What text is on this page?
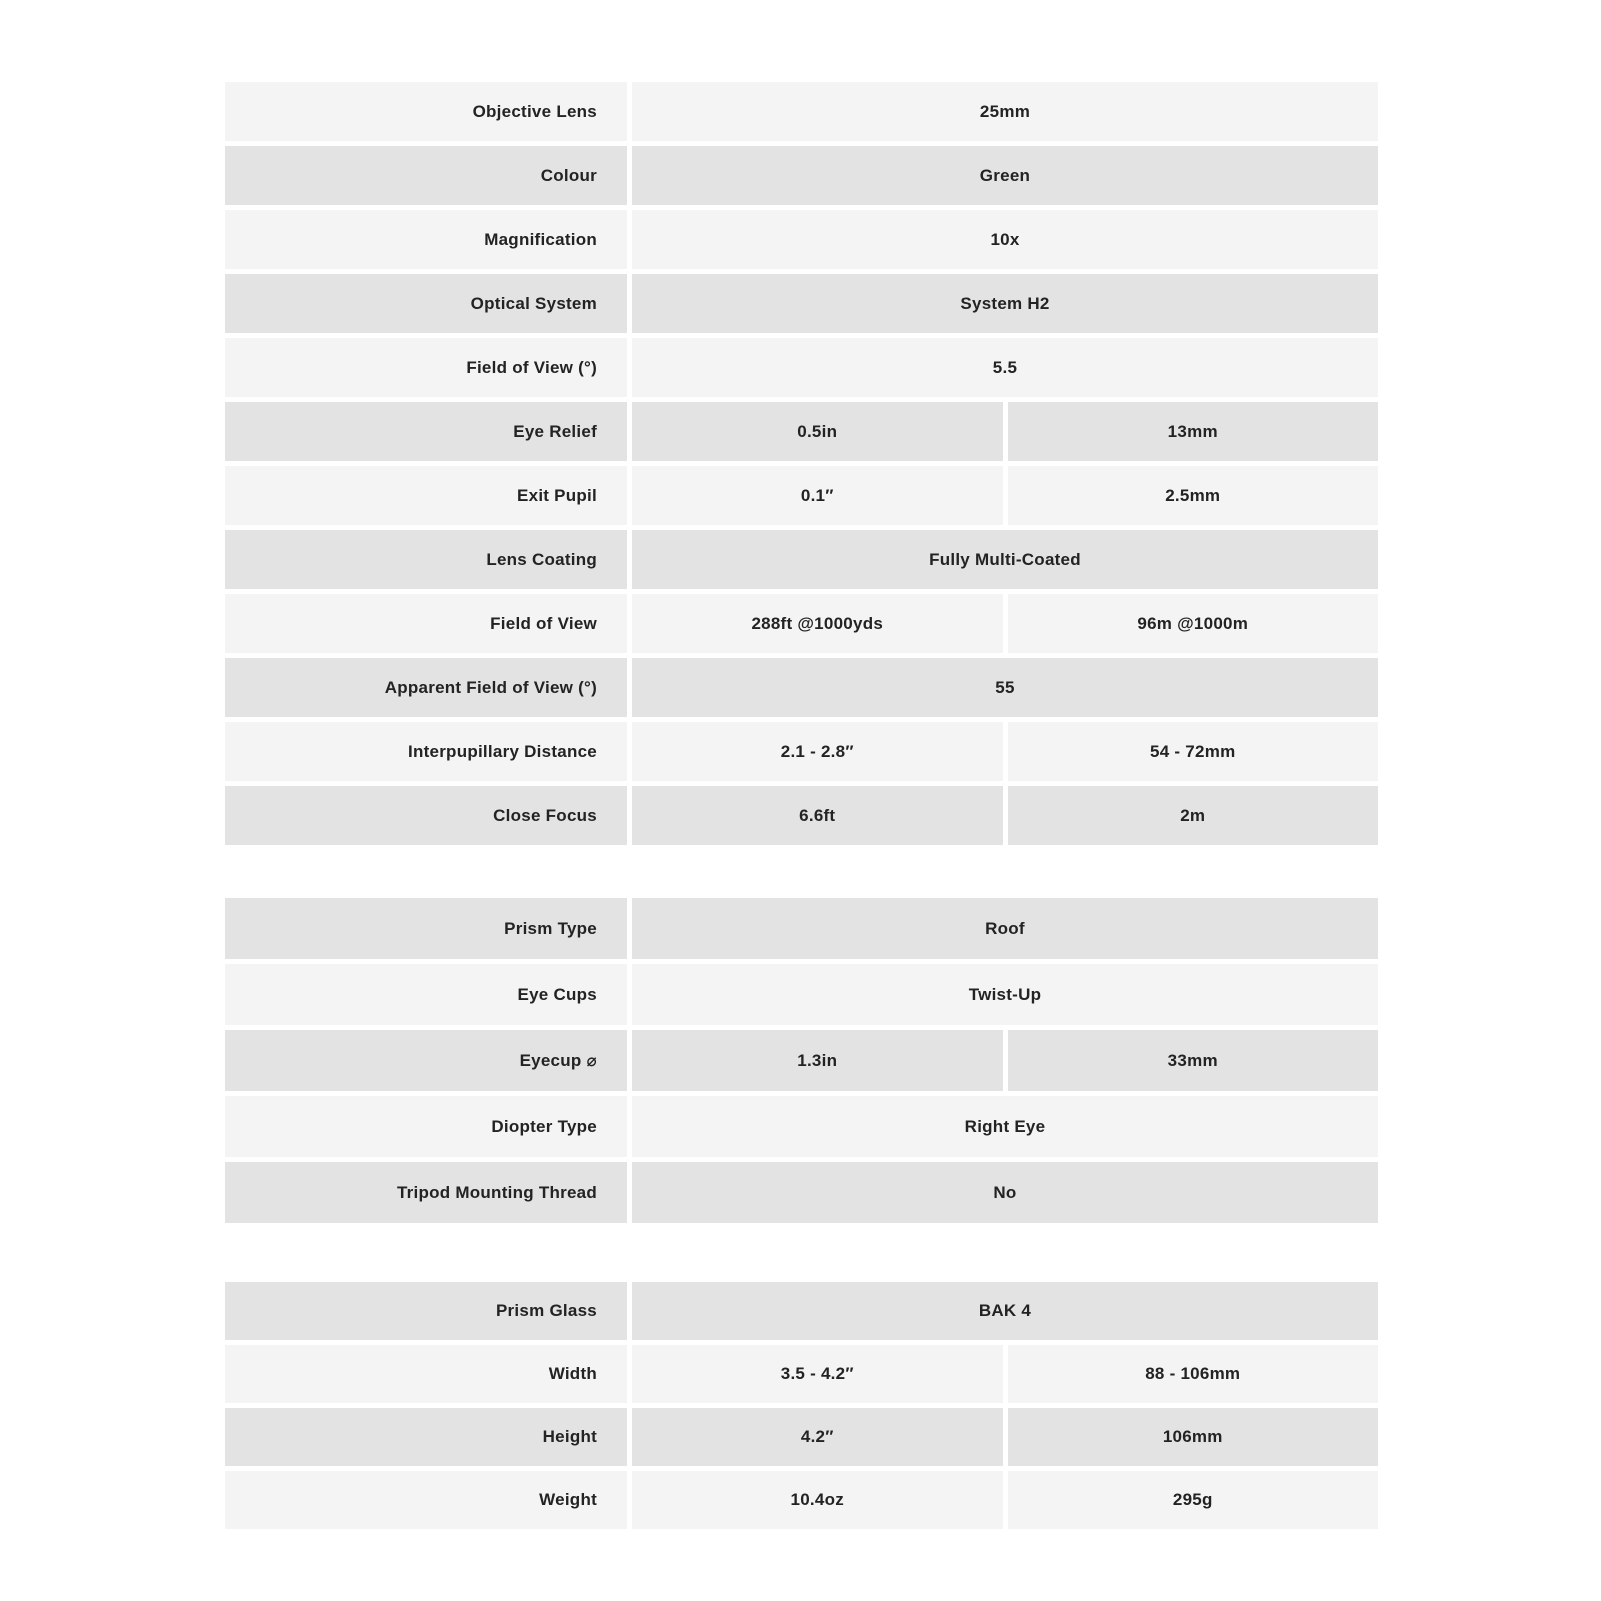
Objective Lens	25mm
Colour	Green
Magnification	10x
Optical System	System H2
Field of View (°)	5.5
Eye Relief	0.5in	13mm
Exit Pupil	0.1″	2.5mm
Lens Coating	Fully Multi-Coated
Field of View	288ft @1000yds	96m @1000m
Apparent Field of View (°)	55
Interpupillary Distance	2.1 - 2.8″	54 - 72mm
Close Focus	6.6ft	2m
Prism Type	Roof
Eye Cups	Twist-Up
Eyecup ⌀	1.3in	33mm
Diopter Type	Right Eye
Tripod Mounting Thread	No
Prism Glass	BAK 4
Width	3.5 - 4.2″	88 - 106mm
Height	4.2″	106mm
Weight	10.4oz	295g
